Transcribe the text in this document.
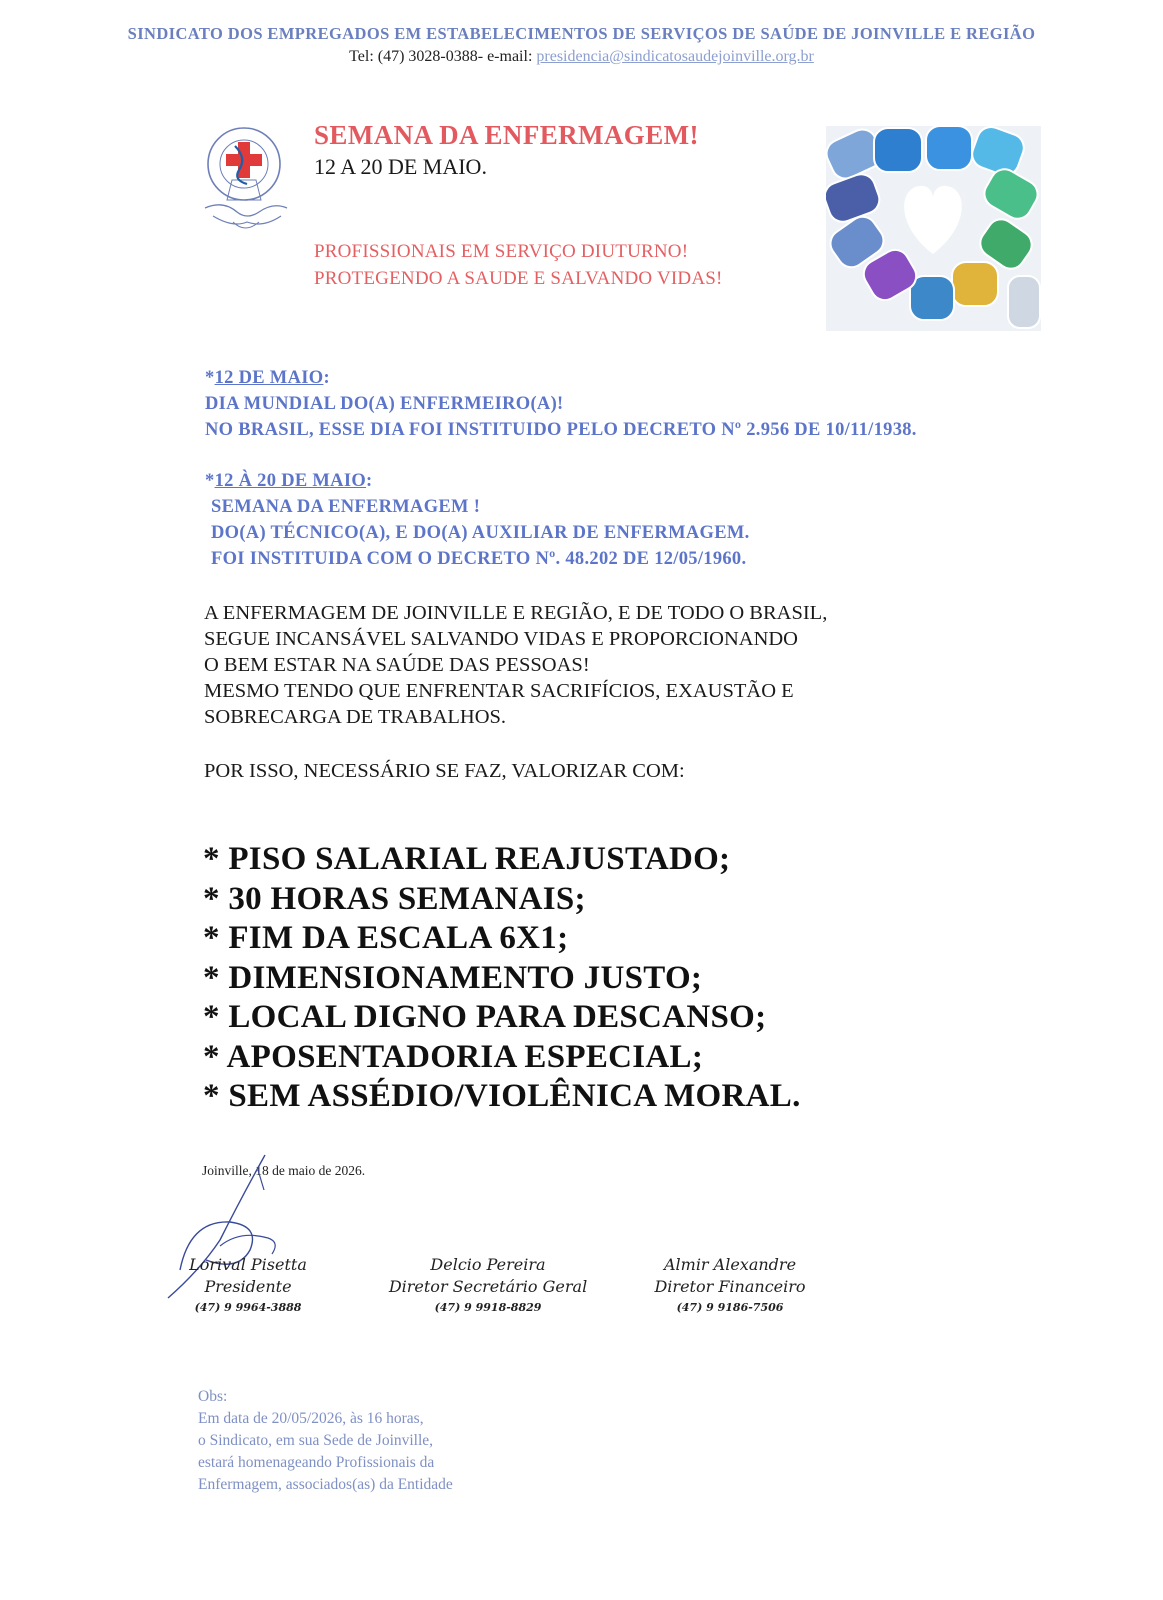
SINDICATO DOS EMPREGADOS EM ESTABELECIMENTOS DE SERVIÇOS DE SAÚDE DE JOINVILLE E REGIÃO
Tel: (47) 3028-0388- e-mail: presidencia@sindicatosaudejoinville.org.br
SEMANA DA ENFERMAGEM!
12 A 20 DE MAIO.
PROFISSIONAIS EM SERVIÇO DIUTURNO!
PROTEGENDO A SAUDE E SALVANDO VIDAS!
*12 DE MAIO:
DIA MUNDIAL DO(A) ENFERMEIRO(A)!
NO BRASIL, ESSE DIA FOI INSTITUIDO PELO DECRETO Nº 2.956 DE 10/11/1938.
*12 À 20 DE MAIO:
SEMANA DA ENFERMAGEM !
DO(A) TÉCNICO(A), E DO(A) AUXILIAR DE ENFERMAGEM.
FOI INSTITUIDA COM O DECRETO Nº. 48.202 DE 12/05/1960.
A ENFERMAGEM DE JOINVILLE E REGIÃO, E DE TODO O BRASIL,
SEGUE INCANSÁVEL SALVANDO VIDAS E PROPORCIONANDO
O BEM ESTAR NA SAÚDE DAS PESSOAS!
MESMO TENDO QUE ENFRENTAR SACRIFÍCIOS, EXAUSTÃO E
SOBRECARGA DE TRABALHOS.
POR ISSO, NECESSÁRIO SE FAZ, VALORIZAR COM:
* PISO SALARIAL REAJUSTADO;
* 30 HORAS SEMANAIS;
* FIM DA ESCALA 6X1;
* DIMENSIONAMENTO JUSTO;
* LOCAL DIGNO PARA DESCANSO;
* APOSENTADORIA ESPECIAL;
* SEM ASSÉDIO/VIOLÊNICA MORAL.
Joinville, 18 de maio de 2026.
Lorival Pisetta
Presidente
(47) 9 9964-3888
Delcio Pereira
Diretor Secretário Geral
(47) 9 9918-8829
Almir Alexandre
Diretor Financeiro
(47) 9 9186-7506
Obs:
Em data de 20/05/2026, às 16 horas,
o Sindicato, em sua Sede de Joinville,
estará homenageando Profissionais da
Enfermagem, associados(as) da Entidade
